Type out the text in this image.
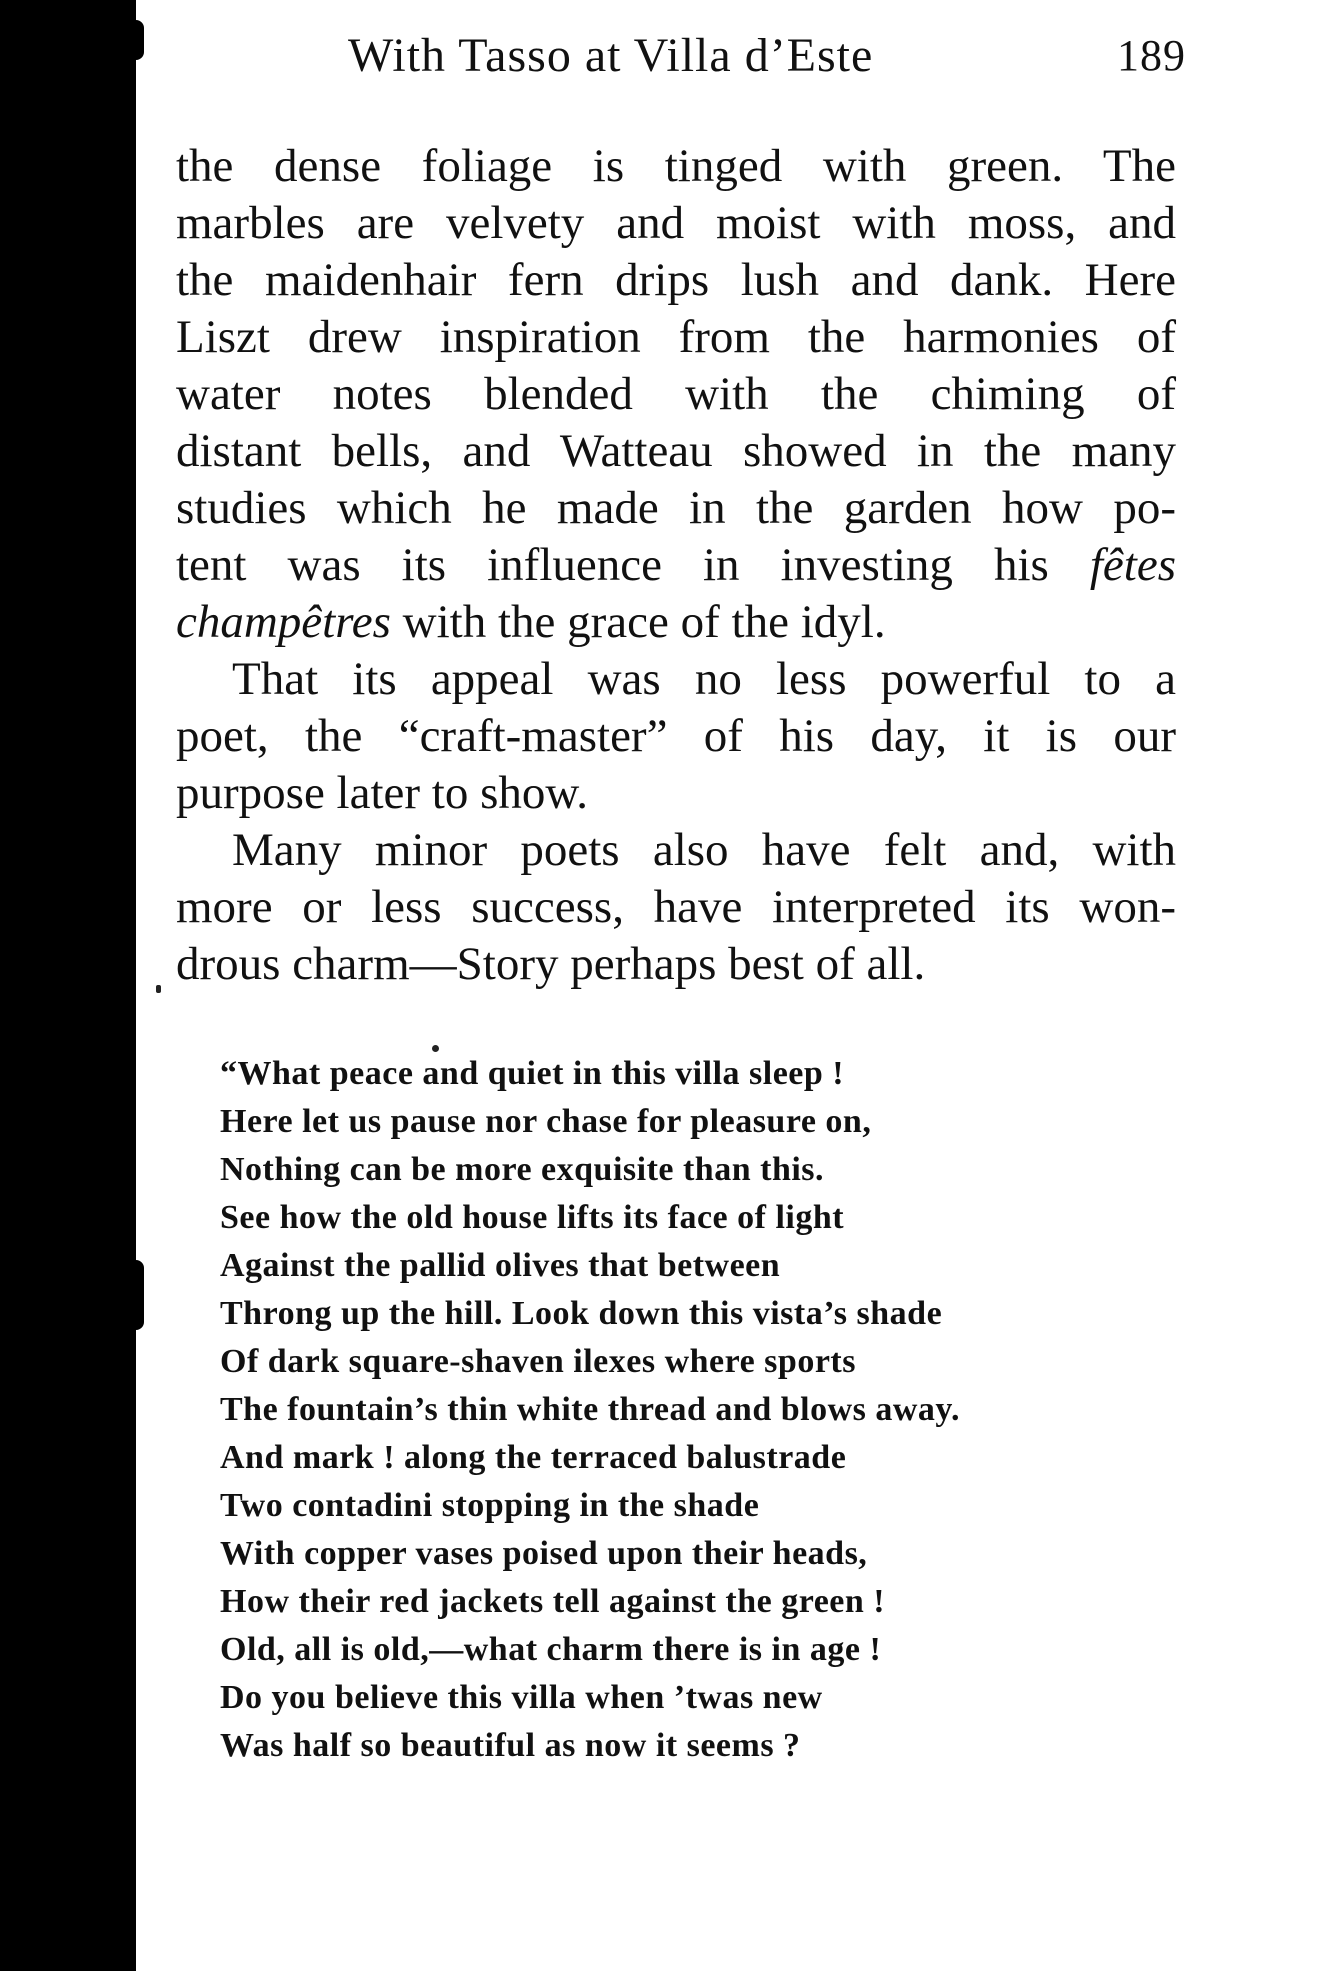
With Tasso at Villa d’Este	189
the dense foliage is tinged with green. The
marbles are velvety and moist with moss, and
the maidenhair fern drips lush and dank. Here
Liszt drew inspiration from the harmonies of
water notes blended with the chiming of
distant bells, and Watteau showed in the many
studies which he made in the garden how po-
tent was its influence in investing his fêtes
champêtres with the grace of the idyl.
That its appeal was no less powerful to a
poet, the “craft-master” of his day, it is our
purpose later to show.
Many minor poets also have felt and, with
more or less success, have interpreted its won-
drous charm—Story perhaps best of all.
“What peace and quiet in this villa sleep !
Here let us pause nor chase for pleasure on,
Nothing can be more exquisite than this.
See how the old house lifts its face of light
Against the pallid olives that between
Throng up the hill. Look down this vista’s shade
Of dark square-shaven ilexes where sports
The fountain’s thin white thread and blows away.
And mark ! along the terraced balustrade
Two contadini stopping in the shade
With copper vases poised upon their heads,
How their red jackets tell against the green !
Old, all is old,—what charm there is in age !
Do you believe this villa when ’twas new
Was half so beautiful as now it seems ?
